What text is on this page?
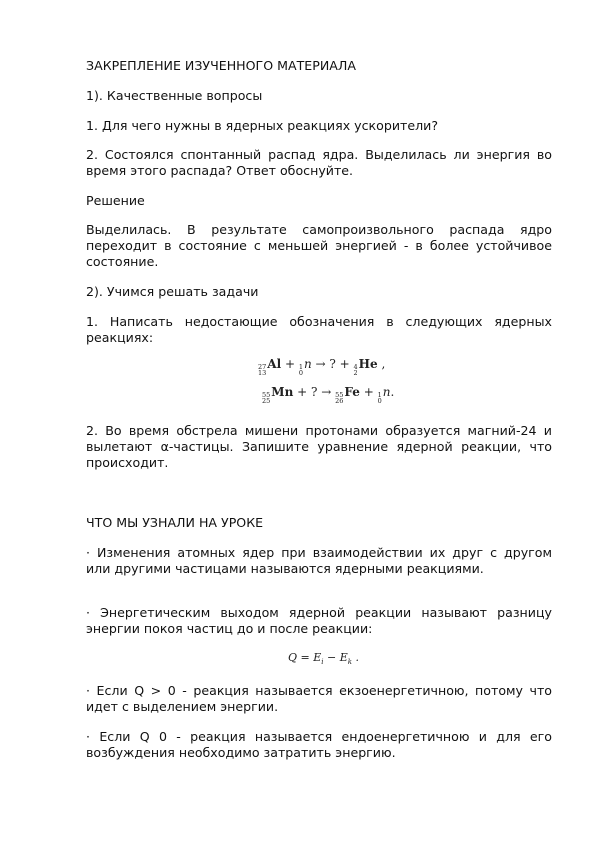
ЗАКРЕПЛЕНИЕ ИЗУЧЕННОГО МАТЕРИАЛА

1). Качественные вопросы

1. Для чего нужны в ядерных реакциях ускорители?

2. Состоялся спонтанный распад ядра. Выделилась ли энергия во время этого распада? Ответ обоснуйте.

Решение

Выделилась. В результате самопроизвольного распада ядро переходит в состояние с меньшей энергией - в более устойчивое состояние.

2). Учимся решать задачи

1. Написать недостающие обозначения в следующих ядерных реакциях:

27
13
Al + 1
0
n → ? + 4
2
He ,
55
25
Mn + ? → 55
26
Fe + 1
0
n.

2. Во время обстрела мишени протонами образуется магний-24 и вылетают α-частицы. Запишите уравнение ядерной реакции, что происходит.

ЧТО МЫ УЗНАЛИ НА УРОКЕ

· Изменения атомных ядер при взаимодействии их друг с другом или другими частицами называются ядерными реакциями.

· Энергетическим выходом ядерной реакции называют разницу энергии покоя частиц до и после реакции:

$Q = E_i - E_k$ .

· Если Q > 0 - реакция называется екзоенергетичною, потому что идет с выделением энергии.

· Если Q 0 - реакция называется ендоенергетичною и для его возбуждения необходимо затратить энергию.
